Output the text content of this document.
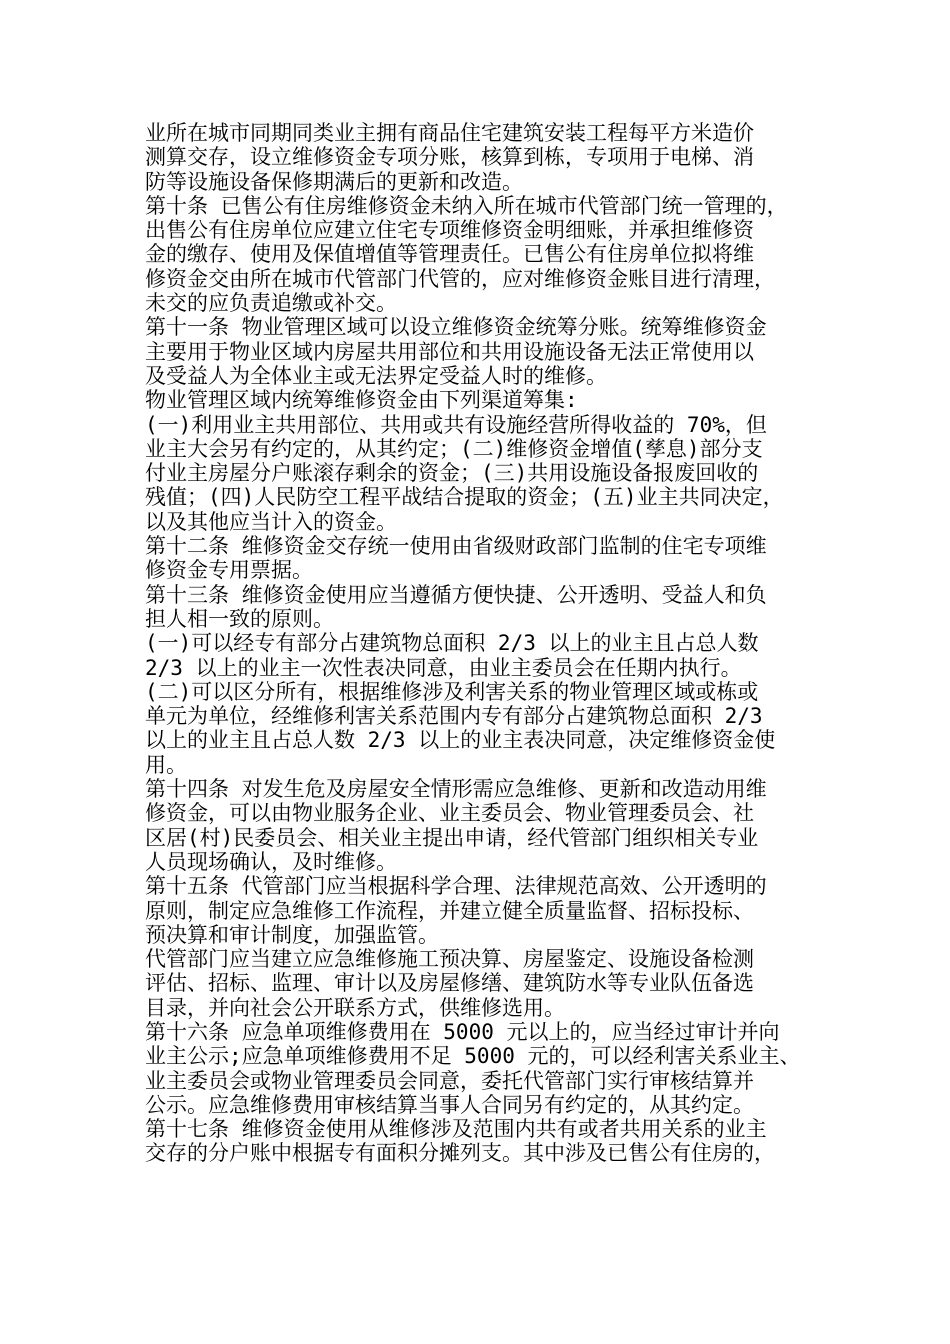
业所在城市同期同类业主拥有商品住宅建筑安装工程每平方米造价
测算交存，设立维修资金专项分账，核算到栋，专项用于电梯、消
防等设施设备保修期满后的更新和改造。
第十条 已售公有住房维修资金未纳入所在城市代管部门统一管理的，
出售公有住房单位应建立住宅专项维修资金明细账，并承担维修资
金的缴存、使用及保值增值等管理责任。已售公有住房单位拟将维
修资金交由所在城市代管部门代管的，应对维修资金账目进行清理，
未交的应负责追缴或补交。
第十一条 物业管理区域可以设立维修资金统筹分账。统筹维修资金
主要用于物业区域内房屋共用部位和共用设施设备无法正常使用以
及受益人为全体业主或无法界定受益人时的维修。
物业管理区域内统筹维修资金由下列渠道筹集:
(一)利用业主共用部位、共用或共有设施经营所得收益的 70%，但
业主大会另有约定的，从其约定；(二)维修资金增值(孳息)部分支
付业主房屋分户账滚存剩余的资金；(三)共用设施设备报废回收的
残值；(四)人民防空工程平战结合提取的资金；(五)业主共同决定，
以及其他应当计入的资金。
第十二条 维修资金交存统一使用由省级财政部门监制的住宅专项维
修资金专用票据。
第十三条 维修资金使用应当遵循方便快捷、公开透明、受益人和负
担人相一致的原则。
(一)可以经专有部分占建筑物总面积 2/3 以上的业主且占总人数
2/3 以上的业主一次性表决同意，由业主委员会在任期内执行。
(二)可以区分所有，根据维修涉及利害关系的物业管理区域或栋或
单元为单位，经维修利害关系范围内专有部分占建筑物总面积 2/3
以上的业主且占总人数 2/3 以上的业主表决同意，决定维修资金使
用。
第十四条 对发生危及房屋安全情形需应急维修、更新和改造动用维
修资金，可以由物业服务企业、业主委员会、物业管理委员会、社
区居(村)民委员会、相关业主提出申请，经代管部门组织相关专业
人员现场确认，及时维修。
第十五条 代管部门应当根据科学合理、法律规范高效、公开透明的
原则，制定应急维修工作流程，并建立健全质量监督、招标投标、
预决算和审计制度，加强监管。
代管部门应当建立应急维修施工预决算、房屋鉴定、设施设备检测
评估、招标、监理、审计以及房屋修缮、建筑防水等专业队伍备选
目录，并向社会公开联系方式，供维修选用。
第十六条 应急单项维修费用在 5000 元以上的，应当经过审计并向
业主公示;应急单项维修费用不足 5000 元的，可以经利害关系业主、
业主委员会或物业管理委员会同意，委托代管部门实行审核结算并
公示。应急维修费用审核结算当事人合同另有约定的，从其约定。
第十七条 维修资金使用从维修涉及范围内共有或者共用关系的业主
交存的分户账中根据专有面积分摊列支。其中涉及已售公有住房的，
